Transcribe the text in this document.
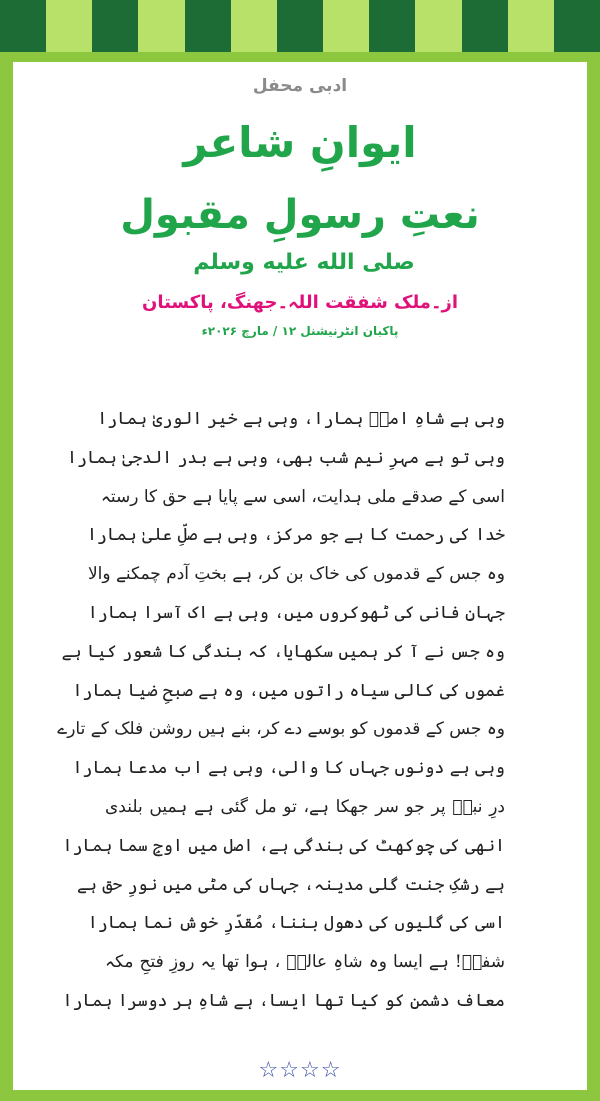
ادبی محفل
ایوانِ شاعر
نعتِ رسولِ مقبول صلى الله عليه وسلم
از۔ملک شفقت اللہ۔جھنگ، پاکستان
پاکبان انٹرنیشنل ۱۲ / مارچ ۲۰۲۶ء
وہی ہے شاہِ اممؐ ہمارا، وہی ہے خیر الوریٰ ہمارا
وہی تو ہے مہرِ نیم شب بھی، وہی ہے بدر الدجیٰ ہمارا
اسی کے صدقے ملی ہدایت، اسی سے پایا ہے حق کا رستہ
خدا کی رحمت کا ہے جو مرکز، وہی ہے صلِّ علیٰ ہمارا
وہ جس کے قدموں کی خاک بن کر، ہے بختِ آدم چمکنے والا
جہانِ فانی کی ٹھوکروں میں، وہی ہے اک آسرا ہمارا
وہ جس نے آ کر ہمیں سکھایا، کہ بندگی کا شعور کیا ہے
غموں کی کالی سیاہ راتوں میں، وہ ہے صبحِ ضیا ہمارا
وہ جس کے قدموں کو بوسے دے کر، بنے ہیں روشن فلک کے تارے
وہی ہے دونوں جہاں کا والی، وہی ہے اب مدعا ہمارا
درِ نبیؐ پر جو سر جھکا ہے، تو مل گئی ہے ہمیں بلندی
انھی کی چوکھٹ کی بندگی ہے، اصل میں اوجِ سما ہمارا
ہے رشکِ جنت گلی مدینہ، جہاں کی مٹی میں نورِ حق ہے
اسی کی گلیوں کی دھول بننا، مُقدّرِ خوش نما ہمارا
شفیؔ! ہے ایسا وہ شاہِ عالمؐ ، ہوا تھا یہ روزِ فتحِ مکہ
معاف دشمن کو کیا تھا ایسا، ہے شاہِ ہر دوسرا ہمارا
☆☆☆☆
